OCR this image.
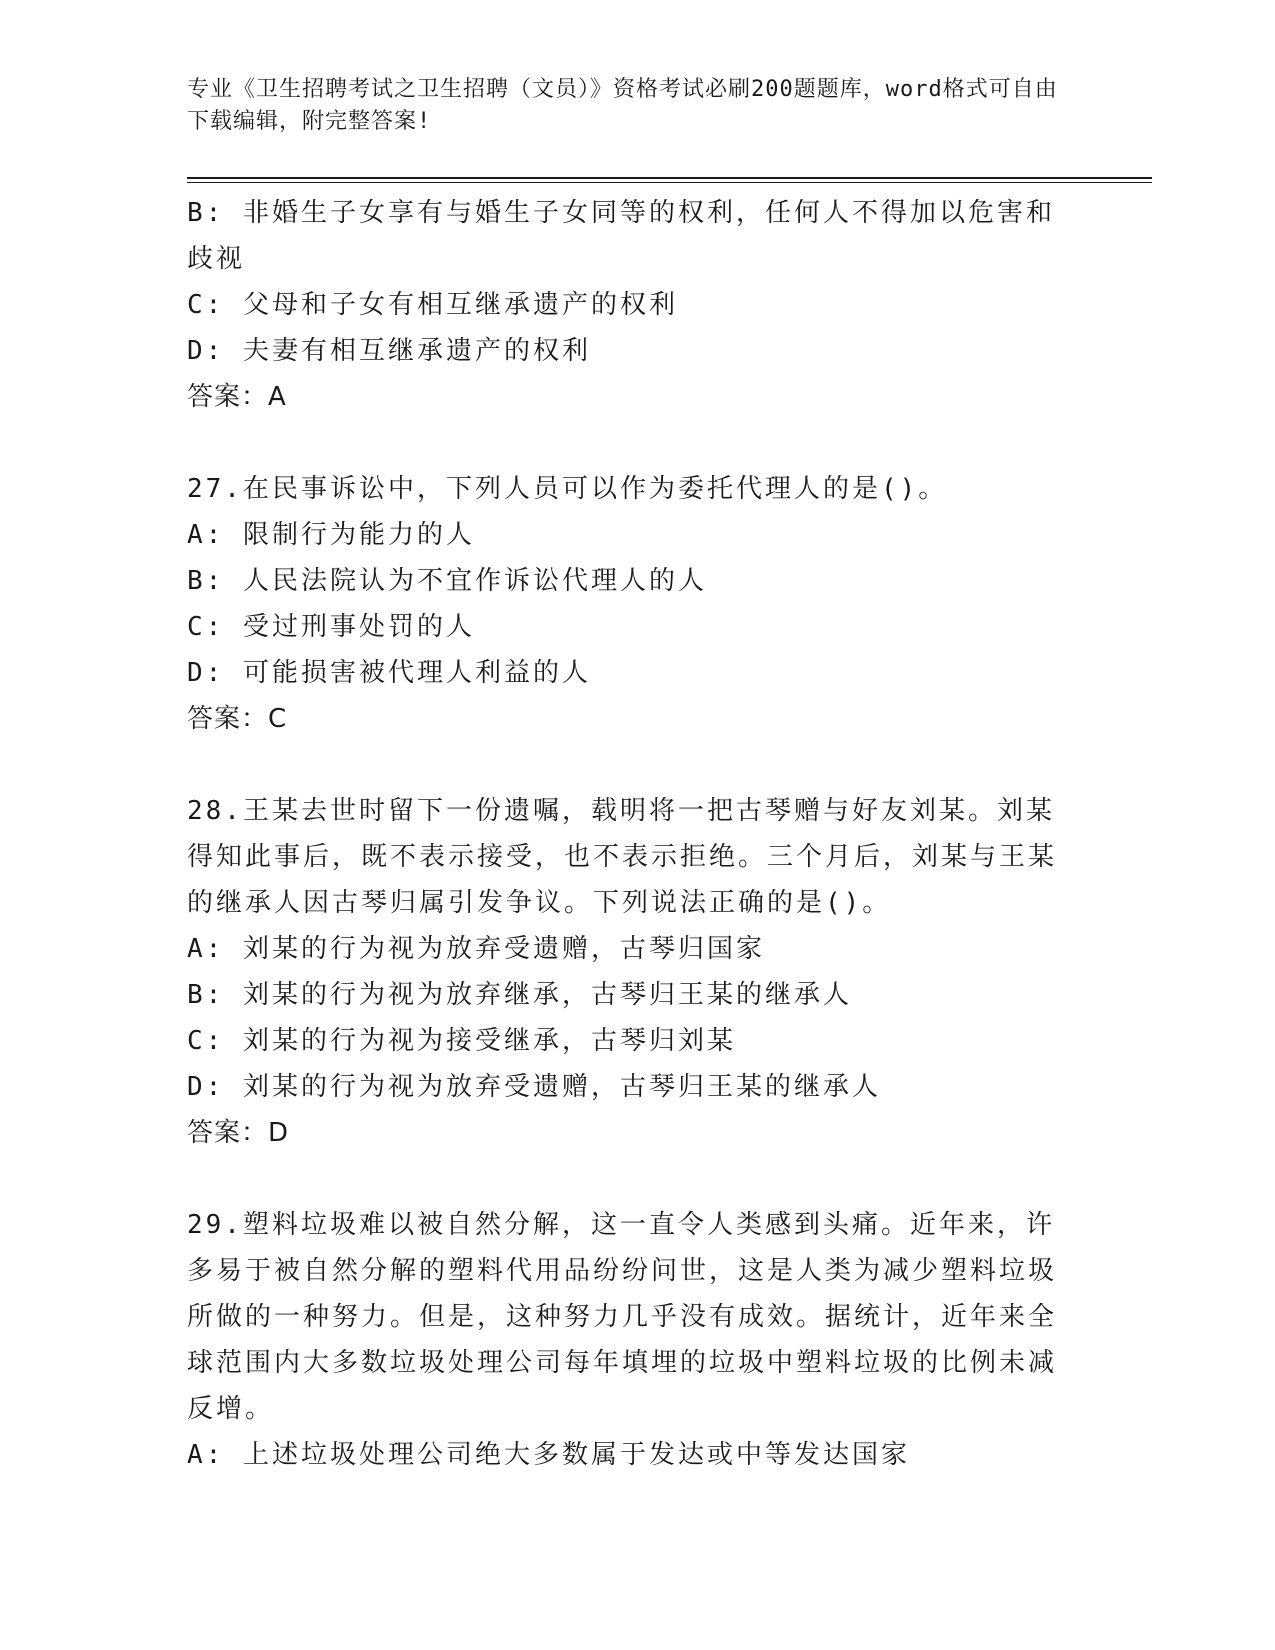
专业《卫生招聘考试之卫生招聘（文员）》资格考试必刷200题题库，word格式可自由下载编辑，附完整答案!
B: 非婚生子女享有与婚生子女同等的权利，任何人不得加以危害和歧视
C: 父母和子女有相互继承遗产的权利
D: 夫妻有相互继承遗产的权利
答案：A
27.在民事诉讼中，下列人员可以作为委托代理人的是()。
A: 限制行为能力的人
B: 人民法院认为不宜作诉讼代理人的人
C: 受过刑事处罚的人
D: 可能损害被代理人利益的人
答案：C
28.王某去世时留下一份遗嘱，载明将一把古琴赠与好友刘某。刘某得知此事后，既不表示接受，也不表示拒绝。三个月后，刘某与王某的继承人因古琴归属引发争议。下列说法正确的是()。
A: 刘某的行为视为放弃受遗赠，古琴归国家
B: 刘某的行为视为放弃继承，古琴归王某的继承人
C: 刘某的行为视为接受继承，古琴归刘某
D: 刘某的行为视为放弃受遗赠，古琴归王某的继承人
答案：D
29.塑料垃圾难以被自然分解，这一直令人类感到头痛。近年来，许多易于被自然分解的塑料代用品纷纷问世，这是人类为减少塑料垃圾所做的一种努力。但是，这种努力几乎没有成效。据统计，近年来全球范围内大多数垃圾处理公司每年填埋的垃圾中塑料垃圾的比例未减反增。
A: 上述垃圾处理公司绝大多数属于发达或中等发达国家
